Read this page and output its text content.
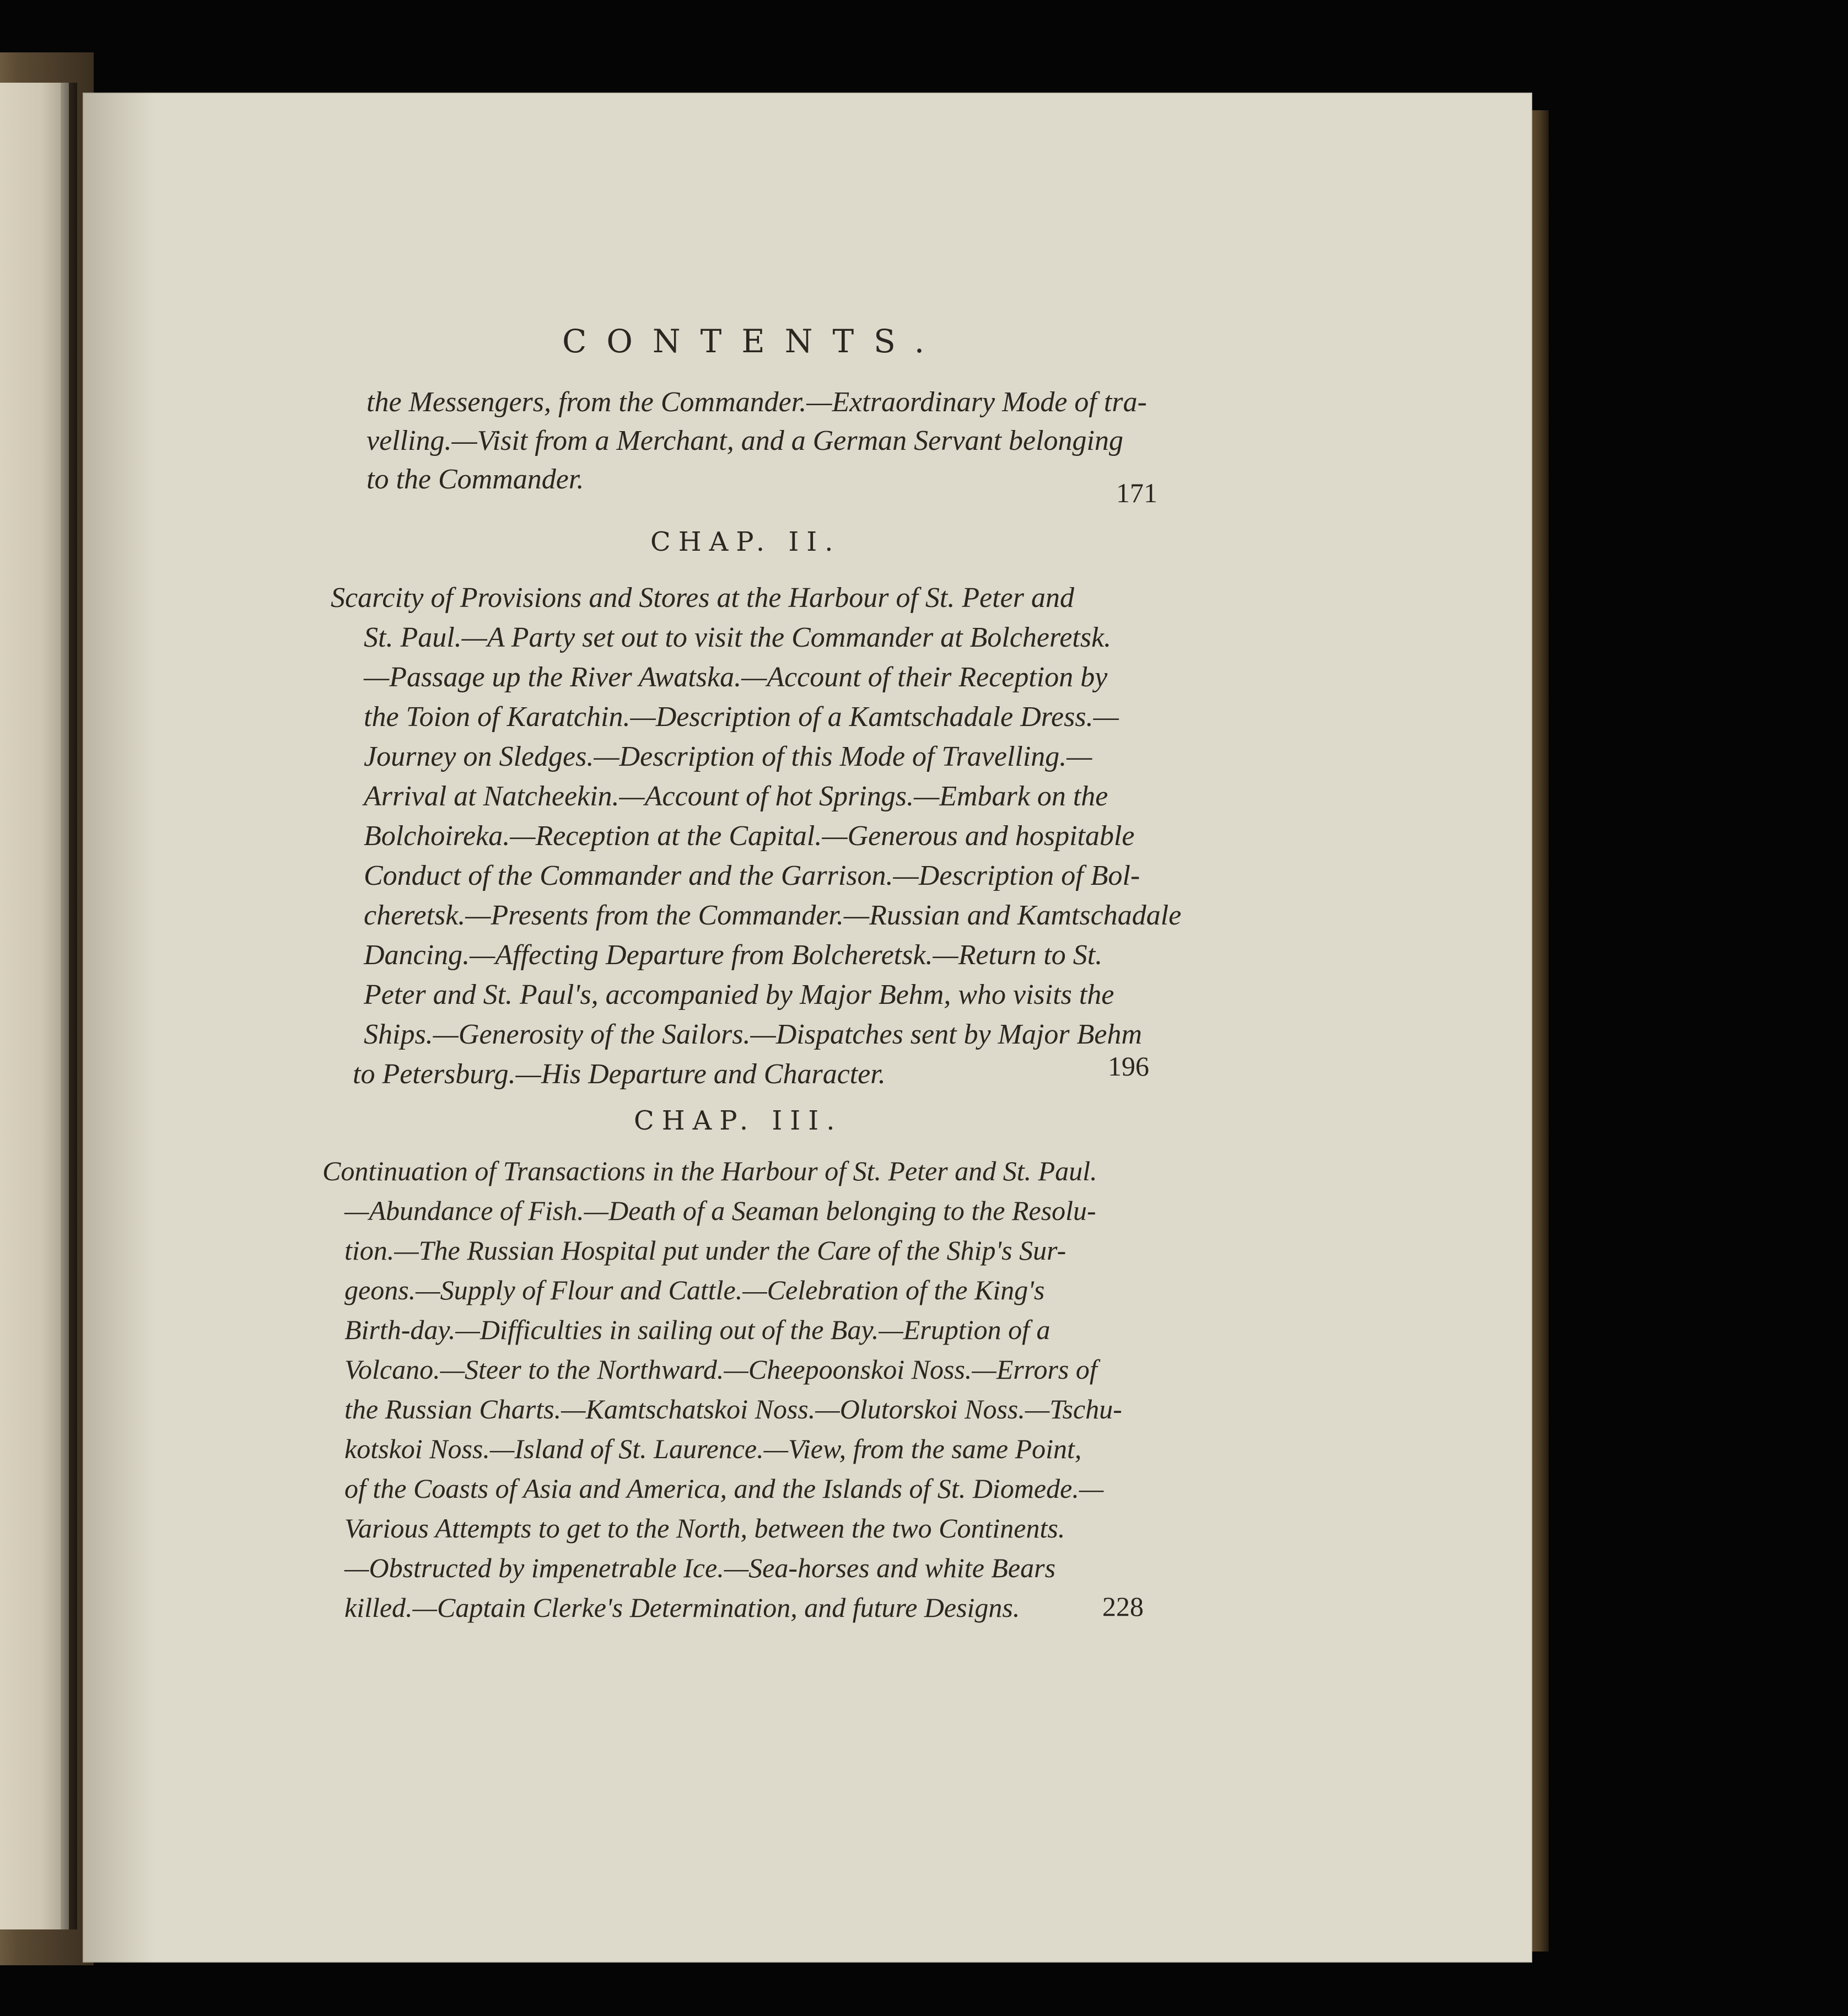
CONTENTS.
the Messengers, from the Commander.—Extraordinary Mode of tra-
velling.—Visit from a Merchant, and a German Servant belonging
to the Commander.	171
CHAP. II.
Scarcity of Provisions and Stores at the Harbour of St. Peter and
St. Paul.—A Party set out to visit the Commander at Bolcheretsk.
—Passage up the River Awatska.—Account of their Reception by
the Toion of Karatchin.—Description of a Kamtschadale Dress.—
Journey on Sledges.—Description of this Mode of Travelling.—
Arrival at Natcheekin.—Account of hot Springs.—Embark on the
Bolchoireka.—Reception at the Capital.—Generous and hospitable
Conduct of the Commander and the Garrison.—Description of Bol-
cheretsk.—Presents from the Commander.—Russian and Kamtschadale
Dancing.—Affecting Departure from Bolcheretsk.—Return to St.
Peter and St. Paul's, accompanied by Major Behm, who visits the
Ships.—Generosity of the Sailors.—Dispatches sent by Major Behm
to Petersburg.—His Departure and Character.	196
CHAP. III.
Continuation of Transactions in the Harbour of St. Peter and St. Paul.
—Abundance of Fish.—Death of a Seaman belonging to the Resolu-
tion.—The Russian Hospital put under the Care of the Ship's Sur-
geons.—Supply of Flour and Cattle.—Celebration of the King's
Birth-day.—Difficulties in sailing out of the Bay.—Eruption of a
Volcano.—Steer to the Northward.—Cheepoonskoi Noss.—Errors of
the Russian Charts.—Kamtschatskoi Noss.—Olutorskoi Noss.—Tschu-
kotskoi Noss.—Island of St. Laurence.—View, from the same Point,
of the Coasts of Asia and America, and the Islands of St. Diomede.—
Various Attempts to get to the North, between the two Continents.
—Obstructed by impenetrable Ice.—Sea-horses and white Bears
killed.—Captain Clerke's Determination, and future Designs.	228
